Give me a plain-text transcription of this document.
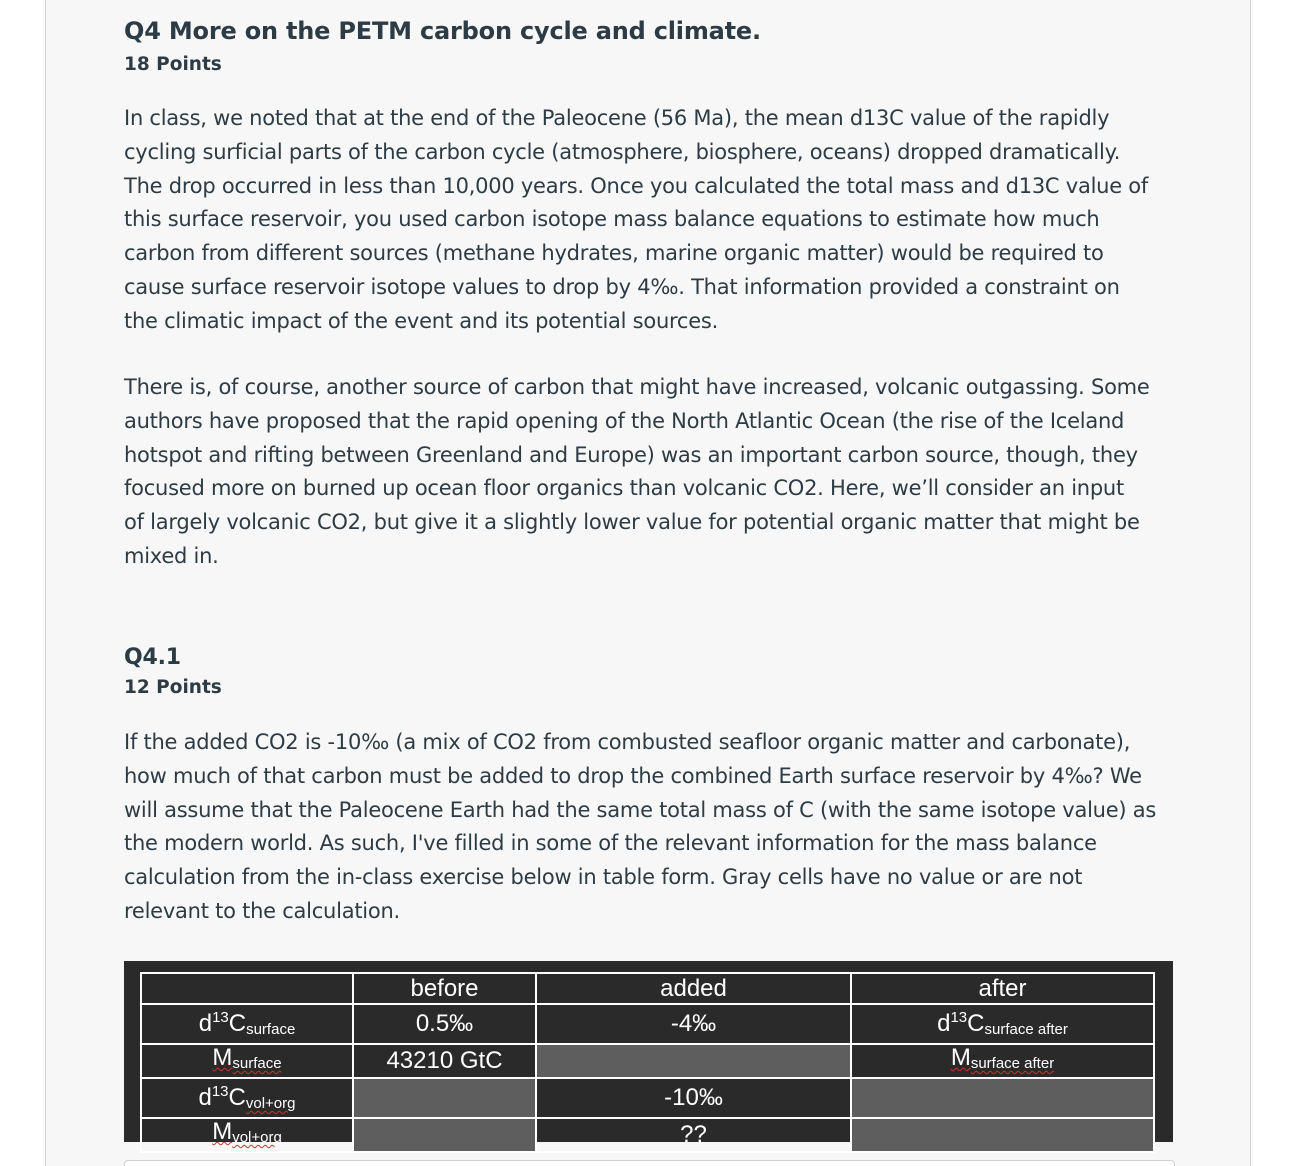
Q4 More on the PETM carbon cycle and climate.
18 Points
In class, we noted that at the end of the Paleocene (56 Ma), the mean d13C value of the rapidly
cycling surficial parts of the carbon cycle (atmosphere, biosphere, oceans) dropped dramatically.
The drop occurred in less than 10,000 years. Once you calculated the total mass and d13C value of
this surface reservoir, you used carbon isotope mass balance equations to estimate how much
carbon from different sources (methane hydrates, marine organic matter) would be required to
cause surface reservoir isotope values to drop by 4‰. That information provided a constraint on
the climatic impact of the event and its potential sources.
There is, of course, another source of carbon that might have increased, volcanic outgassing. Some
authors have proposed that the rapid opening of the North Atlantic Ocean (the rise of the Iceland
hotspot and rifting between Greenland and Europe) was an important carbon source, though, they
focused more on burned up ocean floor organics than volcanic CO2. Here, we’ll consider an input
of largely volcanic CO2, but give it a slightly lower value for potential organic matter that might be
mixed in.
Q4.1
12 Points
If the added CO2 is -10‰ (a mix of CO2 from combusted seafloor organic matter and carbonate),
how much of that carbon must be added to drop the combined Earth surface reservoir by 4‰? We
will assume that the Paleocene Earth had the same total mass of C (with the same isotope value) as
the modern world. As such, I've filled in some of the relevant information for the mass balance
calculation from the in-class exercise below in table form. Gray cells have no value or are not
relevant to the calculation.
	before	added	after
$d^{13}C_{surface}$	0.5‰	-4‰	$d^{13}C_{surface after}$
$M_{surface}$	43210 GtC		$M_{surface after}$
$d^{13}C_{vol+org}$		-10‰	
$M_{vol+org}$		??	
